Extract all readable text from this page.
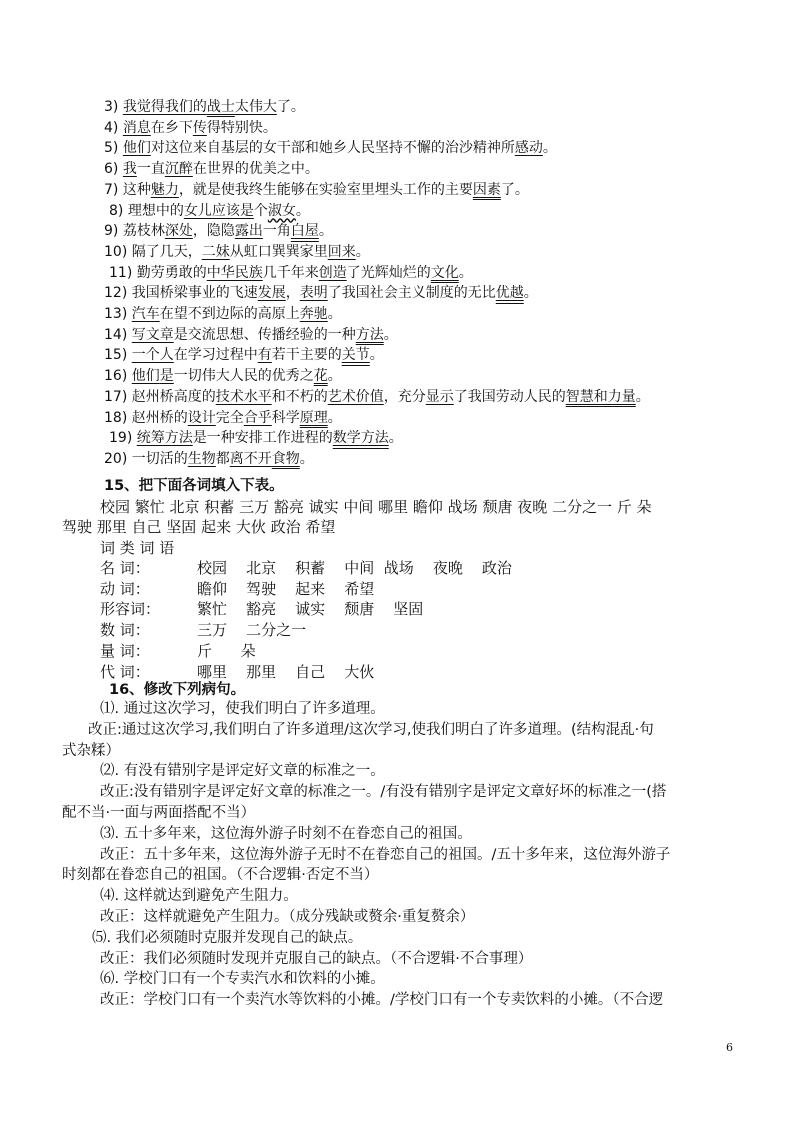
3) 我觉得我们的战士太伟大了。
4) 消息在乡下传得特别快。
5) 他们对这位来自基层的女干部和她乡人民坚持不懈的治沙精神所感动。
6) 我一直沉醉在世界的优美之中。
7) 这种魅力，就是使我终生能够在实验室里埋头工作的主要因素了。
8) 理想中的女儿应该是个淑女。
9) 荔枝林深处，隐隐露出一角白屋。
10) 隔了几天，二妹从虹口巽巽家里回来。
11) 勤劳勇敢的中华民族几千年来创造了光辉灿烂的文化。
12) 我国桥梁事业的飞速发展，表明了我国社会主义制度的无比优越。
13) 汽车在望不到边际的高原上奔驰。
14) 写文章是交流思想、传播经验的一种方法。
15) 一个人在学习过程中有若干主要的关节。
16) 他们是一切伟大人民的优秀之花。
17) 赵州桥高度的技术水平和不朽的艺术价值，充分显示了我国劳动人民的智慧和力量。
18) 赵州桥的设计完全合乎科学原理。
19) 统筹方法是一种安排工作进程的数学方法。
20) 一切活的生物都离不开食物。
15、把下面各词填入下表。
校园 繁忙 北京 积蓄 三万 豁亮 诚实 中间 哪里 瞻仰 战场 颓唐 夜晚 二分之一 斤 朵
驾驶 那里 自己 坚固 起来 大伙 政治 希望
词 类 词 语
名 词：	校园    北京    积蓄    中间  战场    夜晚    政治
动 词：	瞻仰    驾驶    起来    希望
形容词： 繁忙    豁亮    诚实    颓唐    坚固
数 词：	三万    二分之一
量 词：	斤      朵
代 词：	哪里    那里    自己    大伙
16、修改下列病句。
⑴. 通过这次学习，使我们明白了许多道理。
改正:通过这次学习,我们明白了许多道理/这次学习,使我们明白了许多道理。(结构混乱·句
式杂糅）
⑵. 有没有错别字是评定好文章的标准之一。
改正:没有错别字是评定好文章的标准之一。/有没有错别字是评定文章好坏的标准之一(搭
配不当·一面与两面搭配不当）
⑶. 五十多年来，这位海外游子时刻不在眷恋自己的祖国。
改正：五十多年来，这位海外游子无时不在眷恋自己的祖国。/五十多年来，这位海外游子
时刻都在眷恋自己的祖国。（不合逻辑·否定不当）
⑷. 这样就达到避免产生阻力。
改正：这样就避免产生阻力。（成分残缺或赘余·重复赘余）
⑸. 我们必须随时克服并发现自己的缺点。
改正：我们必须随时发现并克服自己的缺点。（不合逻辑·不合事理）
⑹. 学校门口有一个专卖汽水和饮料的小摊。
改正：学校门口有一个卖汽水等饮料的小摊。/学校门口有一个专卖饮料的小摊。（不合逻
6
